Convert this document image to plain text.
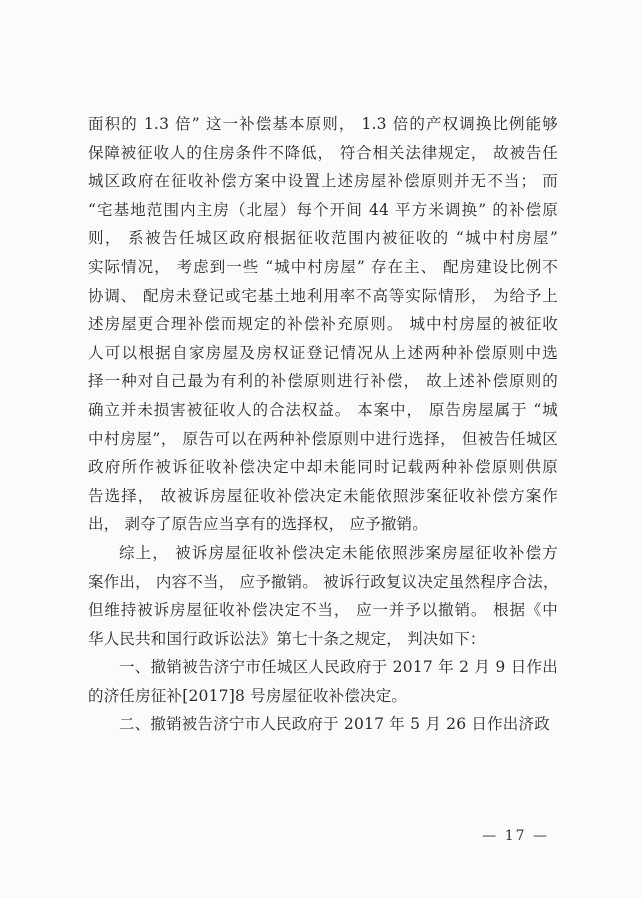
面积的 1.3 倍” 这一补偿基本原则， 1.3 倍的产权调换比例能够
保障被征收人的住房条件不降低， 符合相关法律规定， 故被告任
城区政府在征收补偿方案中设置上述房屋补偿原则并无不当； 而
“宅基地范围内主房（北屋）每个开间 44 平方米调换” 的补偿原
则， 系被告任城区政府根据征收范围内被征收的 “城中村房屋”
实际情况， 考虑到一些 “城中村房屋” 存在主、 配房建设比例不
协调、 配房未登记或宅基土地利用率不高等实际情形， 为给予上
述房屋更合理补偿而规定的补偿补充原则。 城中村房屋的被征收
人可以根据自家房屋及房权证登记情况从上述两种补偿原则中选
择一种对自己最为有利的补偿原则进行补偿， 故上述补偿原则的
确立并未损害被征收人的合法权益。 本案中， 原告房屋属于 “城
中村房屋”， 原告可以在两种补偿原则中进行选择， 但被告任城区
政府所作被诉征收补偿决定中却未能同时记载两种补偿原则供原
告选择， 故被诉房屋征收补偿决定未能依照涉案征收补偿方案作
出， 剥夺了原告应当享有的选择权， 应予撤销。
综上， 被诉房屋征收补偿决定未能依照涉案房屋征收补偿方
案作出， 内容不当， 应予撤销。 被诉行政复议决定虽然程序合法，
但维持被诉房屋征收补偿决定不当， 应一并予以撤销。 根据《中
华人民共和国行政诉讼法》第七十条之规定， 判决如下：
一、撤销被告济宁市任城区人民政府于 2017 年 2 月 9 日作出
的济任房征补[2017]8 号房屋征收补偿决定。
二、撤销被告济宁市人民政府于 2017 年 5 月 26 日作出济政
— 17 —
